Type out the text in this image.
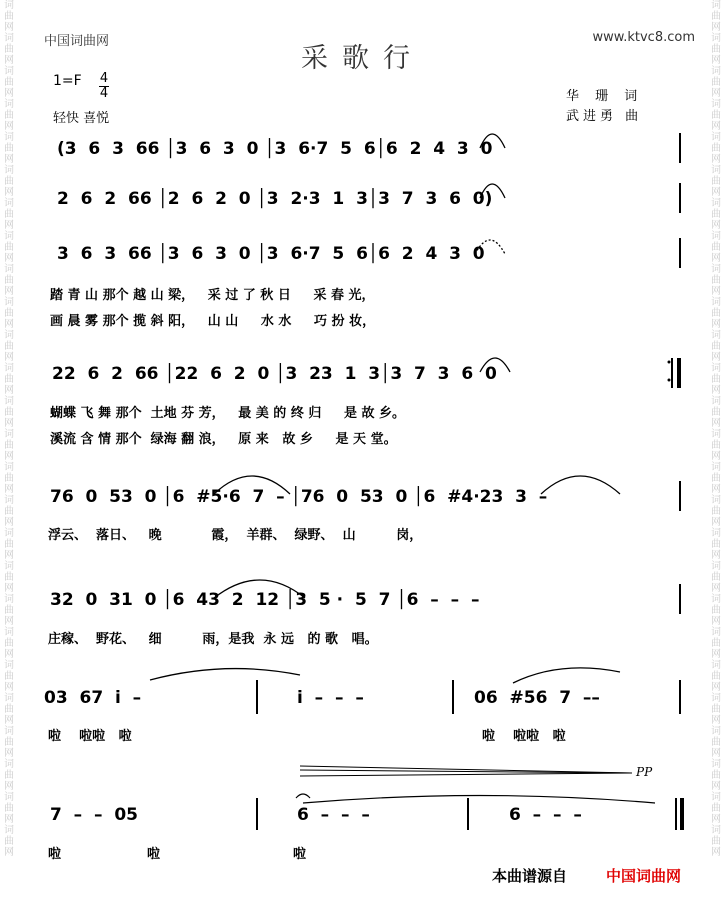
词曲网词曲网词曲网词曲网词曲网词曲网词曲网词曲网词曲网词曲网词曲网词曲网词曲网词曲网词曲网词曲网词曲网词曲网词曲网词曲网词曲网词曲网词曲网词曲网词曲网词曲网
词曲网词曲网词曲网词曲网词曲网词曲网词曲网词曲网词曲网词曲网词曲网词曲网词曲网词曲网词曲网词曲网词曲网词曲网词曲网词曲网词曲网词曲网词曲网词曲网词曲网词曲网
中国词曲网	www.ktvc8.com
采歌行
1=F 4
4
轻快 喜悦
华 珊 词
武进勇 曲
(3  6  3  66 │3  6  3  0 │3  6·7  5  6│6  2  4  3  0
2  6  2  66 │2  6  2  0 │3  2·3  1  3│3  7  3  6  0)
3  6  3  66 │3  6  3  0 │3  6·7  5  6│6  2  4  3  0
踏 青 山 那个 越 山 梁，   采 过 了 秋 日     采 春 光，
画 晨 雾 那个 揽 斜 阳，   山 山     水 水     巧 扮 妆，
22  6  2  66 │22  6  2  0 │3  23  1  3│3  7  3  6  0
蝴蝶 飞 舞 那个  土地 芬 芳，   最 美 的 终 归     是 故 乡。
溪流 含 情 那个  绿海 翻 浪，   原 来   故 乡     是 天 堂。
76  0  53  0 │6  #5·6  7  – │76  0  53  0 │6  #4·23  3  –
浮云、  落日、   晚           霞，  羊群、  绿野、  山         岗，
32  0  31  0 │6  43  2  12 │3  5 ·  5  7 │6  –  –  –
庄稼、  野花、   细         雨，是我  永 远   的 歌   唱。
03  67  i  –	i  –  –  –	06  #56  7  ––
啦    啦啦   啦	啦    啦啦   啦
PP
7  –  –  05	6  –  –  –	6  –  –  –
啦                   啦	啦
本曲谱源自	中国词曲网
